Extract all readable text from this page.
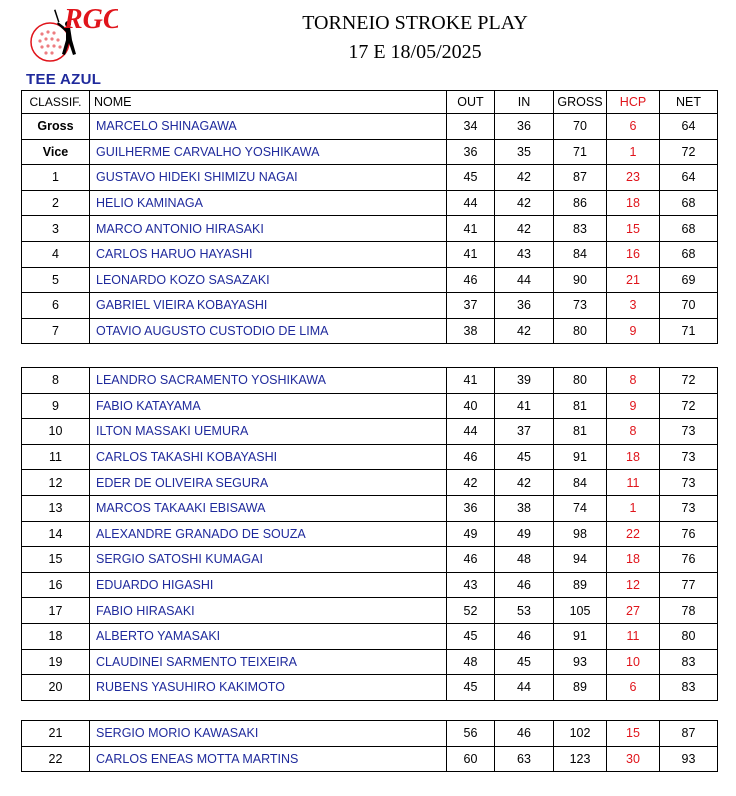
RGC	TORNEIO STROKE PLAY
17 E 18/05/2025
TEE AZUL
CLASSIF.	NOME	OUT	IN	GROSS	HCP	NET
Gross	MARCELO SHINAGAWA	34	36	70	6	64
Vice	GUILHERME CARVALHO YOSHIKAWA	36	35	71	1	72
1	GUSTAVO HIDEKI SHIMIZU NAGAI	45	42	87	23	64
2	HELIO KAMINAGA	44	42	86	18	68
3	MARCO ANTONIO HIRASAKI	41	42	83	15	68
4	CARLOS HARUO HAYASHI	41	43	84	16	68
5	LEONARDO KOZO SASAZAKI	46	44	90	21	69
6	GABRIEL VIEIRA KOBAYASHI	37	36	73	3	70
7	OTAVIO AUGUSTO CUSTODIO DE LIMA	38	42	80	9	71
8	LEANDRO SACRAMENTO YOSHIKAWA	41	39	80	8	72
9	FABIO KATAYAMA	40	41	81	9	72
10	ILTON MASSAKI UEMURA	44	37	81	8	73
11	CARLOS TAKASHI KOBAYASHI	46	45	91	18	73
12	EDER DE OLIVEIRA SEGURA	42	42	84	11	73
13	MARCOS TAKAAKI EBISAWA	36	38	74	1	73
14	ALEXANDRE GRANADO DE SOUZA	49	49	98	22	76
15	SERGIO SATOSHI KUMAGAI	46	48	94	18	76
16	EDUARDO HIGASHI	43	46	89	12	77
17	FABIO HIRASAKI	52	53	105	27	78
18	ALBERTO YAMASAKI	45	46	91	11	80
19	CLAUDINEI SARMENTO TEIXEIRA	48	45	93	10	83
20	RUBENS YASUHIRO KAKIMOTO	45	44	89	6	83
21	SERGIO MORIO KAWASAKI	56	46	102	15	87
22	CARLOS ENEAS MOTTA MARTINS	60	63	123	30	93
